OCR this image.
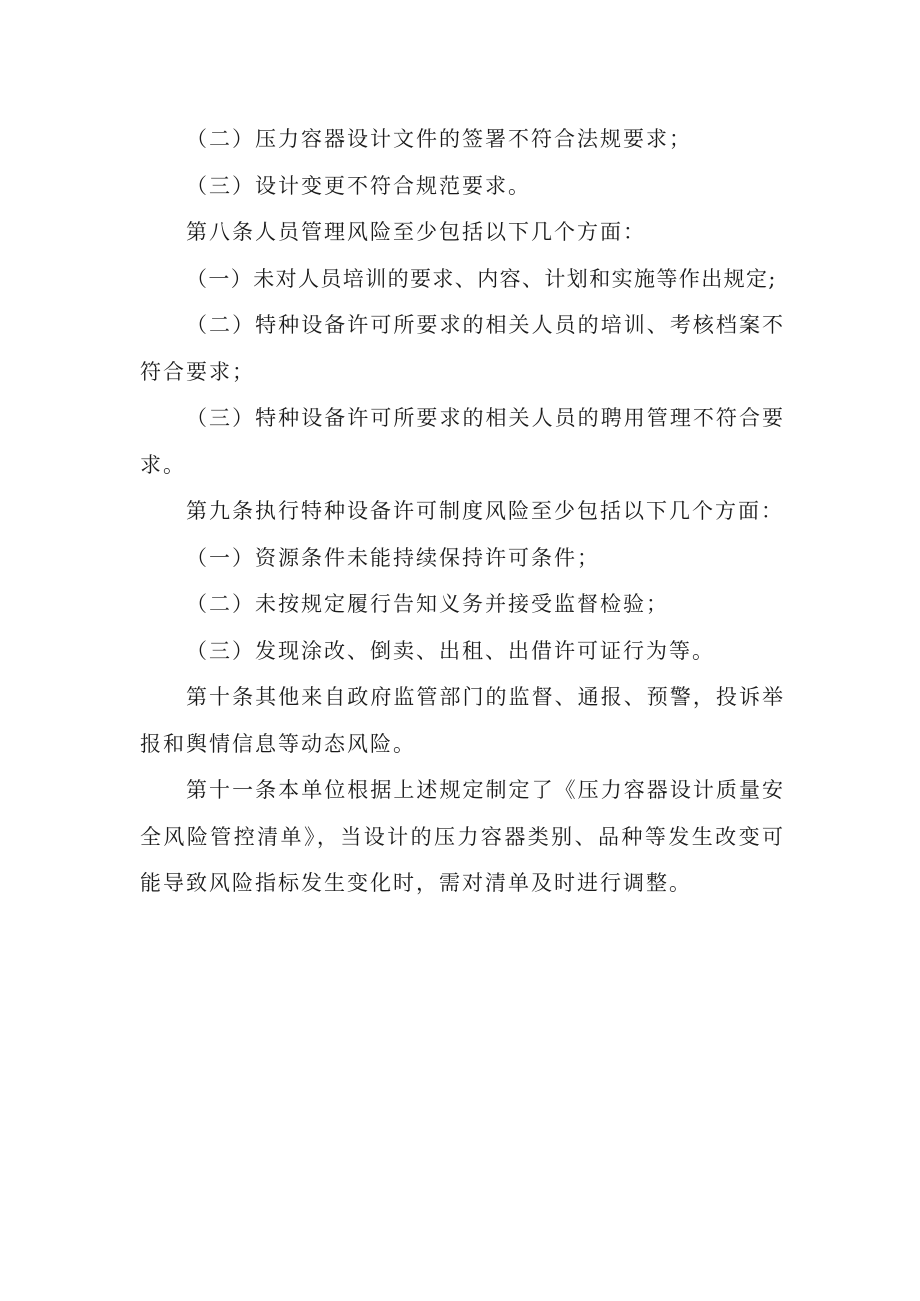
（二）压力容器设计文件的签署不符合法规要求；

（三）设计变更不符合规范要求。

第八条人员管理风险至少包括以下几个方面：

（一）未对人员培训的要求、内容、计划和实施等作出规定;

（二）特种设备许可所要求的相关人员的培训、考核档案不符合要求；

（三）特种设备许可所要求的相关人员的聘用管理不符合要求。

第九条执行特种设备许可制度风险至少包括以下几个方面：

（一）资源条件未能持续保持许可条件；

（二）未按规定履行告知义务并接受监督检验；

（三）发现涂改、倒卖、出租、出借许可证行为等。

第十条其他来自政府监管部门的监督、通报、预警，投诉举报和舆情信息等动态风险。

第十一条本单位根据上述规定制定了《压力容器设计质量安全风险管控清单》，当设计的压力容器类别、品种等发生改变可能导致风险指标发生变化时，需对清单及时进行调整。
